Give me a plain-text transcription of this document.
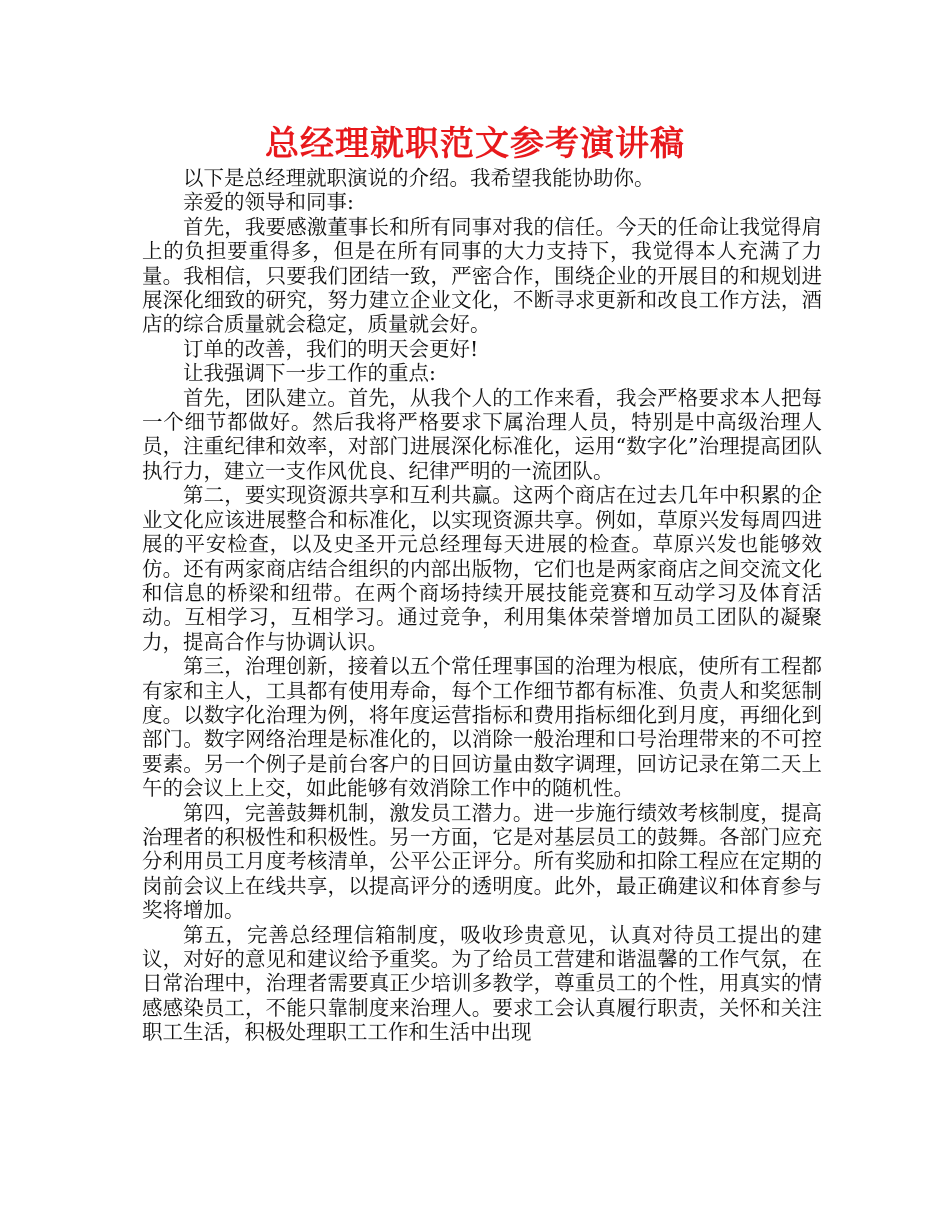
总经理就职范文参考演讲稿

以下是总经理就职演说的介绍。我希望我能协助你。

亲爱的领导和同事:

首先，我要感激董事长和所有同事对我的信任。今天的任命让我觉得肩上的负担要重得多，但是在所有同事的大力支持下，我觉得本人充满了力量。我相信，只要我们团结一致，严密合作，围绕企业的开展目的和规划进展深化细致的研究，努力建立企业文化，不断寻求更新和改良工作方法，酒店的综合质量就会稳定，质量就会好。

订单的改善，我们的明天会更好!

让我强调下一步工作的重点:

首先，团队建立。首先，从我个人的工作来看，我会严格要求本人把每一个细节都做好。然后我将严格要求下属治理人员，特别是中高级治理人员，注重纪律和效率，对部门进展深化标准化，运用“数字化”治理提高团队执行力，建立一支作风优良、纪律严明的一流团队。

第二，要实现资源共享和互利共赢。这两个商店在过去几年中积累的企业文化应该进展整合和标准化，以实现资源共享。例如，草原兴发每周四进展的平安检查，以及史圣开元总经理每天进展的检查。草原兴发也能够效仿。还有两家商店结合组织的内部出版物，它们也是两家商店之间交流文化和信息的桥梁和纽带。在两个商场持续开展技能竞赛和互动学习及体育活动。互相学习，互相学习。通过竞争，利用集体荣誉增加员工团队的凝聚力，提高合作与协调认识。

第三，治理创新，接着以五个常任理事国的治理为根底，使所有工程都有家和主人，工具都有使用寿命，每个工作细节都有标准、负责人和奖惩制度。以数字化治理为例，将年度运营指标和费用指标细化到月度，再细化到部门。数字网络治理是标准化的，以消除一般治理和口号治理带来的不可控要素。另一个例子是前台客户的日回访量由数字调理，回访记录在第二天上午的会议上上交，如此能够有效消除工作中的随机性。

第四，完善鼓舞机制，激发员工潜力。进一步施行绩效考核制度，提高治理者的积极性和积极性。另一方面，它是对基层员工的鼓舞。各部门应充分利用员工月度考核清单，公平公正评分。所有奖励和扣除工程应在定期的岗前会议上在线共享，以提高评分的透明度。此外，最正确建议和体育参与奖将增加。

第五，完善总经理信箱制度，吸收珍贵意见，认真对待员工提出的建议，对好的意见和建议给予重奖。为了给员工营建和谐温馨的工作气氛，在日常治理中，治理者需要真正少培训多教学，尊重员工的个性，用真实的情感感染员工，不能只靠制度来治理人。要求工会认真履行职责，关怀和关注职工生活，积极处理职工工作和生活中出现
